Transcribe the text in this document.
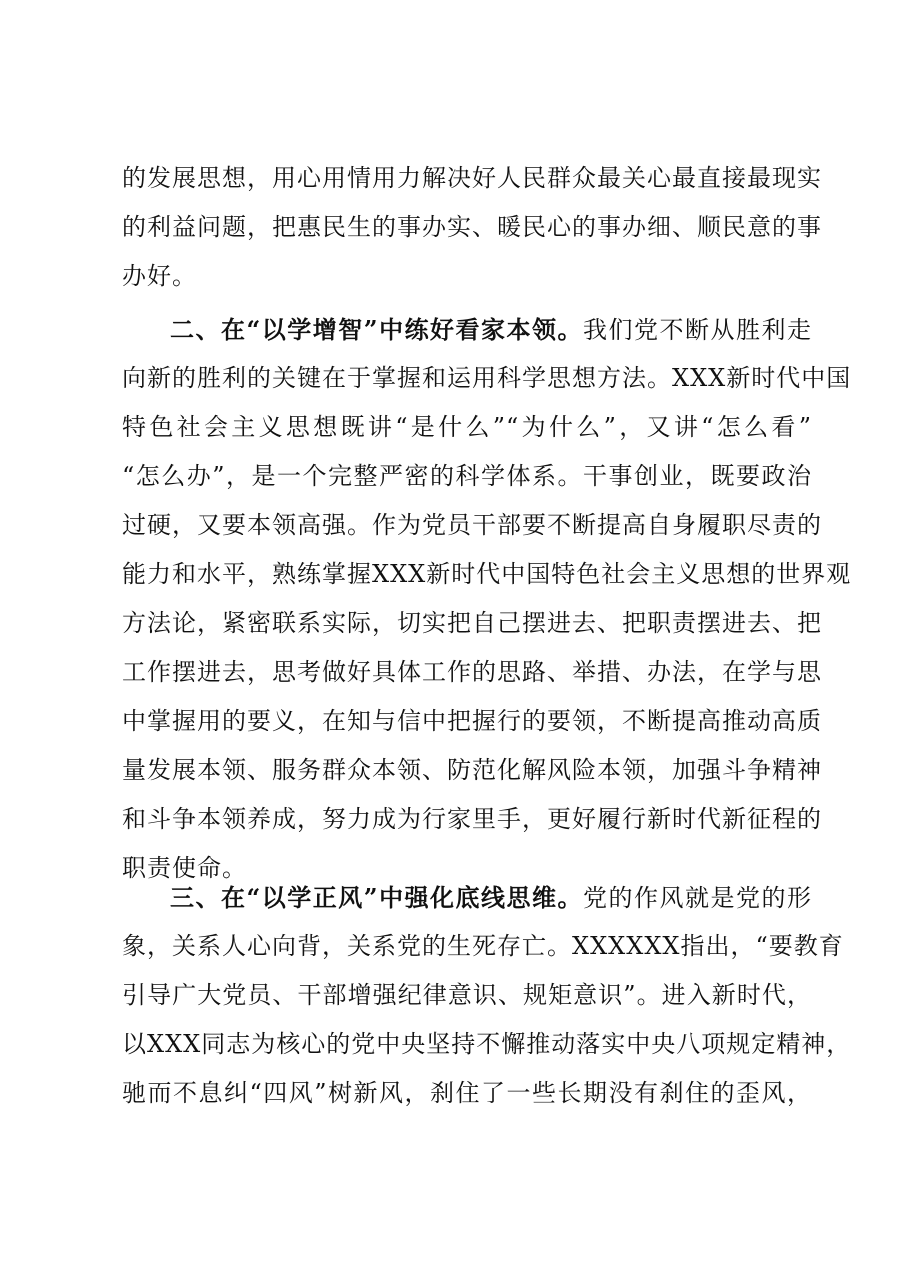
的发展思想，用心用情用力解决好人民群众最关心最直接最现实
的利益问题，把惠民生的事办实、暖民心的事办细、顺民意的事
办好。
二、在“以学增智”中练好看家本领。我们党不断从胜利走
向新的胜利的关键在于掌握和运用科学思想方法。XXX新时代中国
特色社会主义思想既讲“是什么”“为什么”，又讲“怎么看”
“怎么办”，是一个完整严密的科学体系。干事创业，既要政治
过硬，又要本领高强。作为党员干部要不断提高自身履职尽责的
能力和水平，熟练掌握XXX新时代中国特色社会主义思想的世界观
方法论，紧密联系实际，切实把自己摆进去、把职责摆进去、把
工作摆进去，思考做好具体工作的思路、举措、办法，在学与思
中掌握用的要义，在知与信中把握行的要领，不断提高推动高质
量发展本领、服务群众本领、防范化解风险本领，加强斗争精神
和斗争本领养成，努力成为行家里手，更好履行新时代新征程的
职责使命。
三、在“以学正风”中强化底线思维。党的作风就是党的形
象，关系人心向背，关系党的生死存亡。XXXXXX指出，“要教育
引导广大党员、干部增强纪律意识、规矩意识”。进入新时代，
以XXX同志为核心的党中央坚持不懈推动落实中央八项规定精神，
驰而不息纠“四风”树新风，刹住了一些长期没有刹住的歪风，
